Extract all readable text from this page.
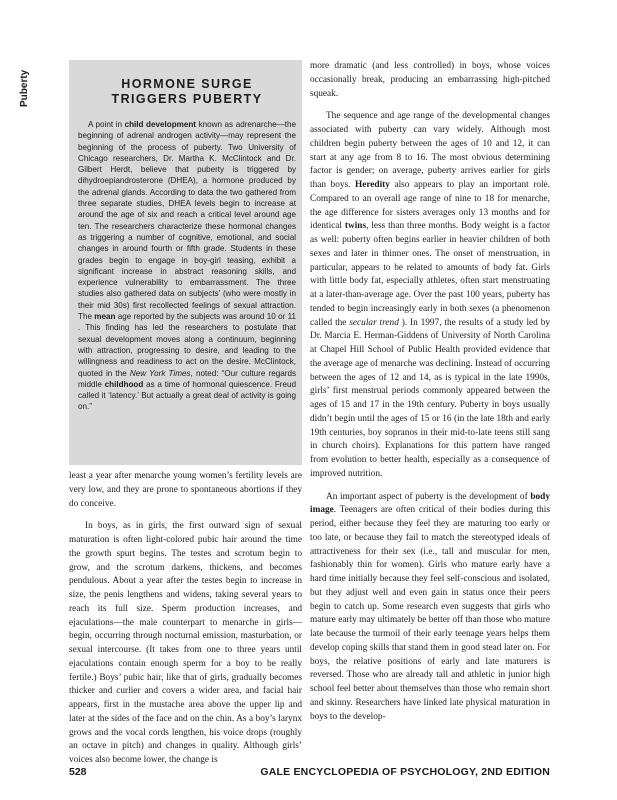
Puberty	HORMONE SURGE
TRIGGERS PUBERTY

A point in child development known as adrenarche—the beginning of adrenal androgen activity—may represent the beginning of the process of puberty. Two University of Chicago researchers, Dr. Martha K. McClintock and Dr. Gilbert Herdt, believe that puberty is triggered by dihydroepiandrosterone (DHEA), a hormone produced by the adrenal glands. According to data the two gathered from three separate studies, DHEA levels begin to increase at around the age of six and reach a critical level around age ten. The researchers characterize these hormonal changes as triggering a number of cognitive, emotional, and social changes in around fourth or fifth grade. Students in these grades begin to engage in boy-girl teasing, exhibit a significant increase in abstract reasoning skills, and experience vulnerability to embarrassment. The three studies also gathered data on subjects’ (who were mostly in their mid 30s) first recollected feelings of sexual attraction. The mean age reported by the subjects was around 10 or 11 . This finding has led the researchers to postulate that sexual development moves along a continuum, beginning with attraction, progressing to desire, and leading to the willingness and readiness to act on the desire. McClintock, quoted in the New York Times, noted: “Our culture regards middle childhood as a time of hormonal quiescence. Freud called it ‘latency.’ But actually a great deal of activity is going on.”

least a year after menarche young women’s fertility levels are very low, and they are prone to spontaneous abortions if they do conceive.

In boys, as in girls, the first outward sign of sexual maturation is often light-colored pubic hair around the time the growth spurt begins. The testes and scrotum begin to grow, and the scrotum darkens, thickens, and becomes pendulous. About a year after the testes begin to increase in size, the penis lengthens and widens, taking several years to reach its full size. Sperm production increases, and ejaculations—the male counterpart to menarche in girls—begin, occurring through nocturnal emission, masturbation, or sexual intercourse. (It takes from one to three years until ejaculations contain enough sperm for a boy to be really fertile.) Boys’ pubic hair, like that of girls, gradually becomes thicker and curlier and covers a wider area, and facial hair appears, first in the mustache area above the upper lip and later at the sides of the face and on the chin. As a boy’s larynx grows and the vocal cords lengthen, his voice drops (roughly an octave in pitch) and changes in quality. Although girls’ voices also become lower, the change is

more dramatic (and less controlled) in boys, whose voices occasionally break, producing an embarrassing high-pitched squeak.

The sequence and age range of the developmental changes associated with puberty can vary widely. Although most children begin puberty between the ages of 10 and 12, it can start at any age from 8 to 16. The most obvious determining factor is gender; on average, puberty arrives earlier for girls than boys. Heredity also appears to play an important role. Compared to an overall age range of nine to 18 for menarche, the age difference for sisters averages only 13 months and for identical twins, less than three months. Body weight is a factor as well: puberty often begins earlier in heavier children of both sexes and later in thinner ones. The onset of menstruation, in particular, appears to be related to amounts of body fat. Girls with little body fat, especially athletes, often start menstruating at a later-than-average age. Over the past 100 years, puberty has tended to begin increasingly early in both sexes (a phenomenon called the secular trend ). In 1997, the results of a study led by Dr. Marcia E. Herman-Giddens of University of North Carolina at Chapel Hill School of Public Health provided evidence that the average age of menarche was declining. Instead of occurring between the ages of 12 and 14, as is typical in the late 1990s, girls’ first menstrual periods commonly appeared between the ages of 15 and 17 in the 19th century. Puberty in boys usually didn’t begin until the ages of 15 or 16 (in the late 18th and early 19th centuries, boy sopranos in their mid-to-late teens still sang in church choirs). Explanations for this pattern have ranged from evolution to better health, especially as a consequence of improved nutrition.

An important aspect of puberty is the development of body image. Teenagers are often critical of their bodies during this period, either because they feel they are maturing too early or too late, or because they fail to match the stereotyped ideals of attractiveness for their sex (i.e., tall and muscular for men, fashionably thin for women). Girls who mature early have a hard time initially because they feel self-conscious and isolated, but they adjust well and even gain in status once their peers begin to catch up. Some research even suggests that girls who mature early may ultimately be better off than those who mature late because the turmoil of their early teenage years helps them develop coping skills that stand them in good stead later on. For boys, the relative positions of early and late maturers is reversed. Those who are already tall and athletic in junior high school feel better about themselves than those who remain short and skinny. Researchers have linked late physical maturation in boys to the develop-

528	GALE ENCYCLOPEDIA OF PSYCHOLOGY, 2ND EDITION
